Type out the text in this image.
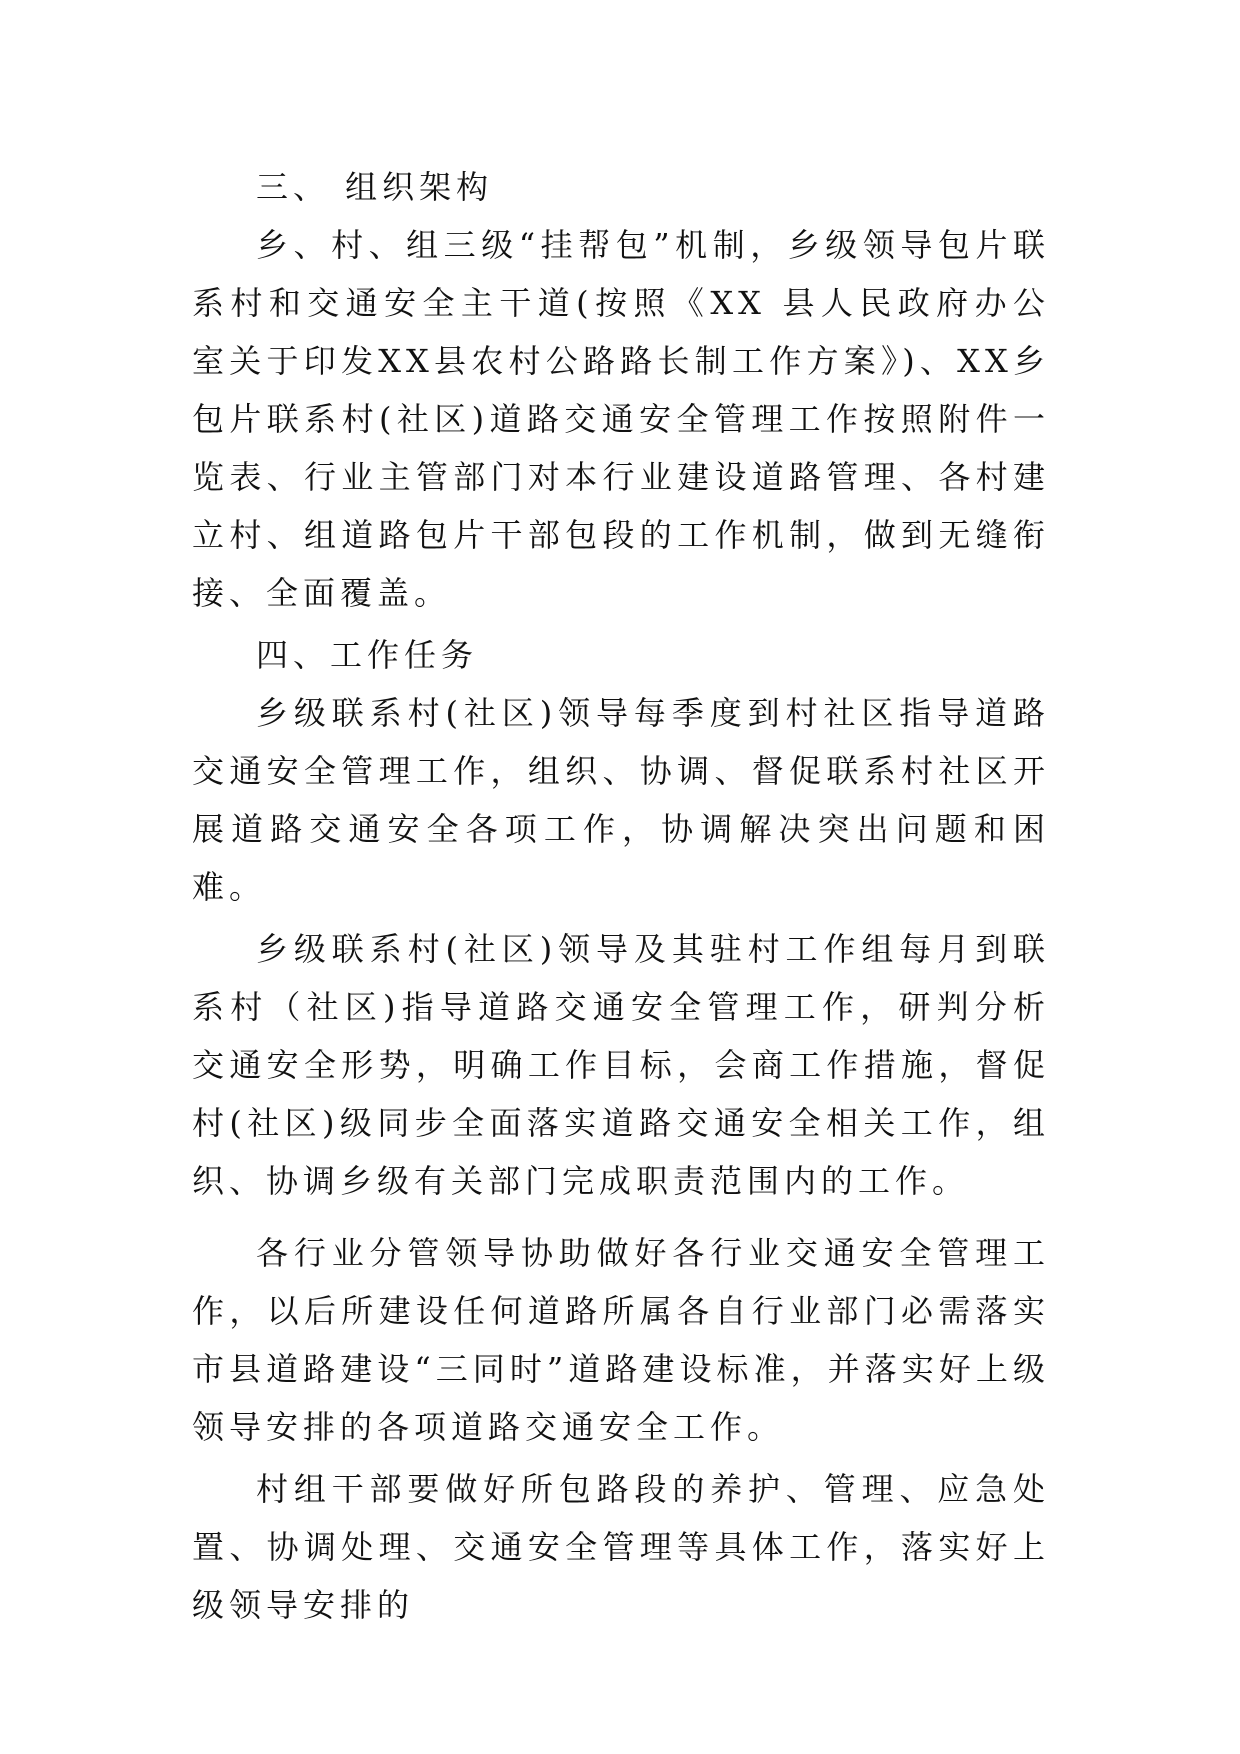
三、 组织架构

乡、村、组三级“挂帮包”机制，乡级领导包片联系村和交通安全主干道(按照《XX 县人民政府办公室关于印发XX县农村公路路长制工作方案》)、XX乡包片联系村(社区)道路交通安全管理工作按照附件一览表、行业主管部门对本行业建设道路管理、各村建立村、组道路包片干部包段的工作机制，做到无缝衔接、全面覆盖。

四、工作任务

乡级联系村(社区)领导每季度到村社区指导道路交通安全管理工作，组织、协调、督促联系村社区开展道路交通安全各项工作，协调解决突出问题和困难。

乡级联系村(社区)领导及其驻村工作组每月到联系村（社区)指导道路交通安全管理工作，研判分析交通安全形势，明确工作目标，会商工作措施，督促村(社区)级同步全面落实道路交通安全相关工作，组织、协调乡级有关部门完成职责范围内的工作。

各行业分管领导协助做好各行业交通安全管理工作，以后所建设任何道路所属各自行业部门必需落实市县道路建设“三同时”道路建设标准，并落实好上级领导安排的各项道路交通安全工作。

村组干部要做好所包路段的养护、管理、应急处置、协调处理、交通安全管理等具体工作，落实好上级领导安排的
